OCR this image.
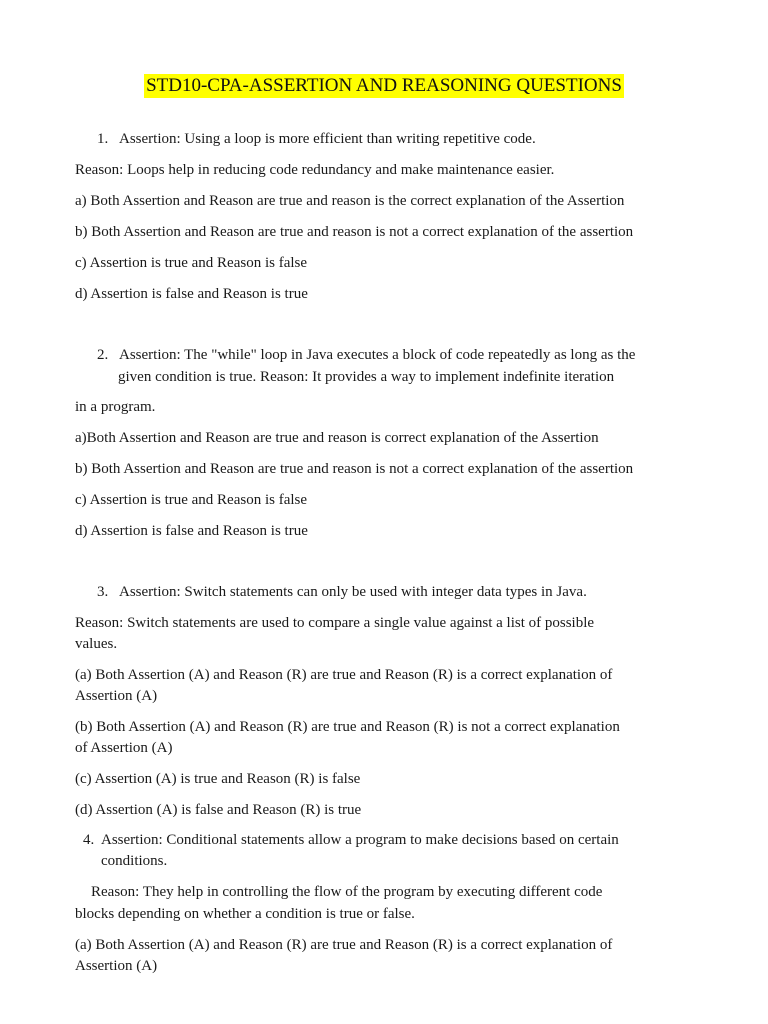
STD10-CPA-ASSERTION AND REASONING QUESTIONS
1. Assertion: Using a loop is more efficient than writing repetitive code.
Reason: Loops help in reducing code redundancy and make maintenance easier.
a) Both Assertion and Reason are true and reason is the correct explanation of the Assertion
b) Both Assertion and Reason are true and reason is not a correct explanation of the assertion
c) Assertion is true and Reason is false
d) Assertion is false and Reason is true
2. Assertion: The "while" loop in Java executes a block of code repeatedly as long as the
given condition is true. Reason: It provides a way to implement indefinite iteration
in a program.
a)Both Assertion and Reason are true and reason is correct explanation of the Assertion
b) Both Assertion and Reason are true and reason is not a correct explanation of the assertion
c) Assertion is true and Reason is false
d) Assertion is false and Reason is true
3. Assertion: Switch statements can only be used with integer data types in Java.
Reason: Switch statements are used to compare a single value against a list of possible
values.
(a) Both Assertion (A) and Reason (R) are true and Reason (R) is a correct explanation of
Assertion (A)
(b) Both Assertion (A) and Reason (R) are true and Reason (R) is not a correct explanation
of Assertion (A)
(c) Assertion (A) is true and Reason (R) is false
(d) Assertion (A) is false and Reason (R) is true
4. Assertion: Conditional statements allow a program to make decisions based on certain
conditions.
Reason: They help in controlling the flow of the program by executing different code
blocks depending on whether a condition is true or false.
(a) Both Assertion (A) and Reason (R) are true and Reason (R) is a correct explanation of
Assertion (A)
